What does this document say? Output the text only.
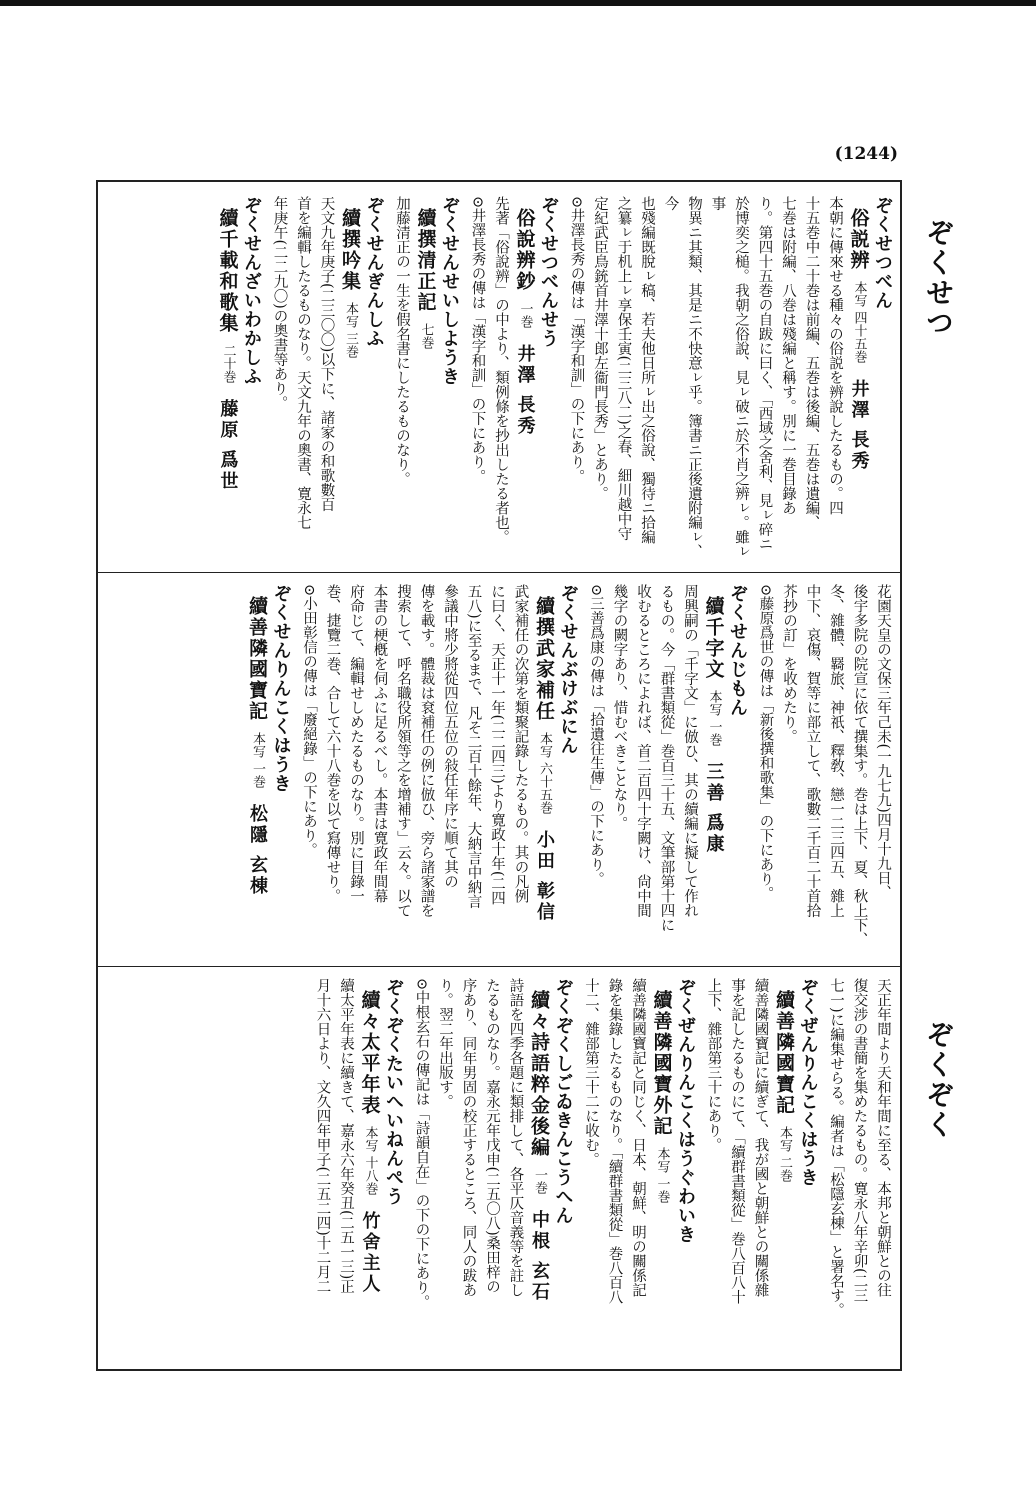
(1244)
ぞくせつ
ぞくぞく
ぞくせつべん
俗説辨本写 四十五巻井澤 長秀
本朝に傳來せる種々の俗説を辨說したるもの。四
十五巻中二十巻は前編、五巻は後編、五巻は遺編、
七巻は附編、八巻は殘編と稱す。別に一巻目錄あ
り。第四十五巻の自跋に曰く、「西域之舍利、見ㇾ碎ニ
於博奕之槌。我朝之俗說、見ㇾ破ニ於不肖之辨ㇾ。雖ㇾ事
物異ニ其類、其是ニ不快意ㇾ乎。簿書ニ正後遺附編ㇾ、今
也殘編既脫ㇾ稿、若夫他日所ㇾ出之俗說、獨待ニ拾編
之纂ㇾ于机上ㇾ享保壬寅(二三八二)之春、細川越中守
定紀武臣鳥銃首井澤十郎左衞門長秀」とあり。
⊙井澤長秀の傳は「漢字和訓」の下にあり。
ぞくせつべんせう
俗說辨鈔一巻井澤 長秀
先著「俗說辨」の中より、類例條を抄出したる者也。
⊙井澤長秀の傳は「漢字和訓」の下にあり。
ぞくせんせいしようき
續撰清正記七巻
加藤清正の一生を假名書にしたるものなり。
ぞくせんぎんしふ
續撰吟集本写 三巻
天文九年庚子(二三〇〇)以下に、諸家の和歌數百
首を編輯したるものなり。天文九年の奧書、寛永七
年庚午(二二九〇)の奧書等あり。
ぞくせんざいわかしふ
續千載和歌集二十巻藤原 爲世
花園天皇の文保三年己未(一九七九)四月十九日、
後宇多院の院宣に依て撰集す。巻は上下、夏、秋上下、
冬、雜體、羇旅、神祇、釋敎、戀一二三四五、雜上
中下、哀傷、賀等に部立して、歌數二千百二十首拾
芥抄の訂」を收めたり。
⊙藤原爲世の傳は「新後撰和歌集」の下にあり。
ぞくせんじもん
續千字文本写 一巻三善 爲康
周興嗣の「千字文」に倣ひ、其の續編に擬して作れ
るもの。今「群書類從」巻百三十五、文筆部第十四に
收むるところによれば、首二百四十字闕け、尙中間
幾字の闕字あり、惜むべきことなり。
⊙三善爲康の傳は「拾遺往生傳」の下にあり。
ぞくせんぶけぶにん
續撰武家補任本写 六十五巻小田 彰信
武家補任の次第を類聚記錄したるもの。其の凡例
に曰く、天正十一年(二二四三)より寛政十年(二四
五八)に至るまで、凡そ二百十餘年、大納言中納言
參議中將少將從四位五位の敍任年序に順て其の
傳を載す。體裁は袞補任の例に倣ひ、旁ら諸家譜を
搜索して、呼名職役所領等之を增補す」云々。以て
本書の梗槪を伺ふに足るべし。本書は寛政年間幕
府命じて、編輯せしめたるものなり。別に目錄一
巻、捷覽二巻、合して六十八巻を以て寫傳せり。
⊙小田彰信の傳は「廢絕錄」の下にあり。
ぞくせんりんこくはうき
續善隣國寶記本写 一巻松隱 玄棟
天正年間より天和年間に至る、本邦と朝鮮との往
復交涉の書簡を集めたるもの。寛永八年辛卯(二三
七一)に編集せらる。編者は「松隱玄棟」と署名す。
ぞくぜんりんこくはうき
續善隣國寶記本写 二巻
續善隣國寶記に續ぎて、我が國と朝鮮との關係雜
事を記したるものにて、「續群書類從」巻八百八十
上下、雜部第三十にあり。
ぞくぜんりんこくはうぐわいき
續善隣國寶外記本写 一巻
續善隣國寶記と同じく、日本、朝鮮、明の關係記
錄を集錄したるものなり。「續群書類從」巻八百八
十二、雜部第三十二に收む。
ぞくぞくしごゐきんこうへん
續々詩語粹金後編一巻中根 玄石
詩語を四季各題に類排して、各平仄音義等を註し
たるものなり。嘉永元年戊申(二五〇八)桑田梓の
序あり、同年男固の校正するところ、同人の跋あ
り。翌二年出版す。
⊙中根玄石の傳記は「詩韻自在」の下の下にあり。
ぞくぞくたいへいねんぺう
續々太平年表本写 十八巻竹舍主人
續太平年表に續きて、嘉永六年癸丑(二五一三)正
月十六日より、文久四年甲子(二五二四)十二月二
